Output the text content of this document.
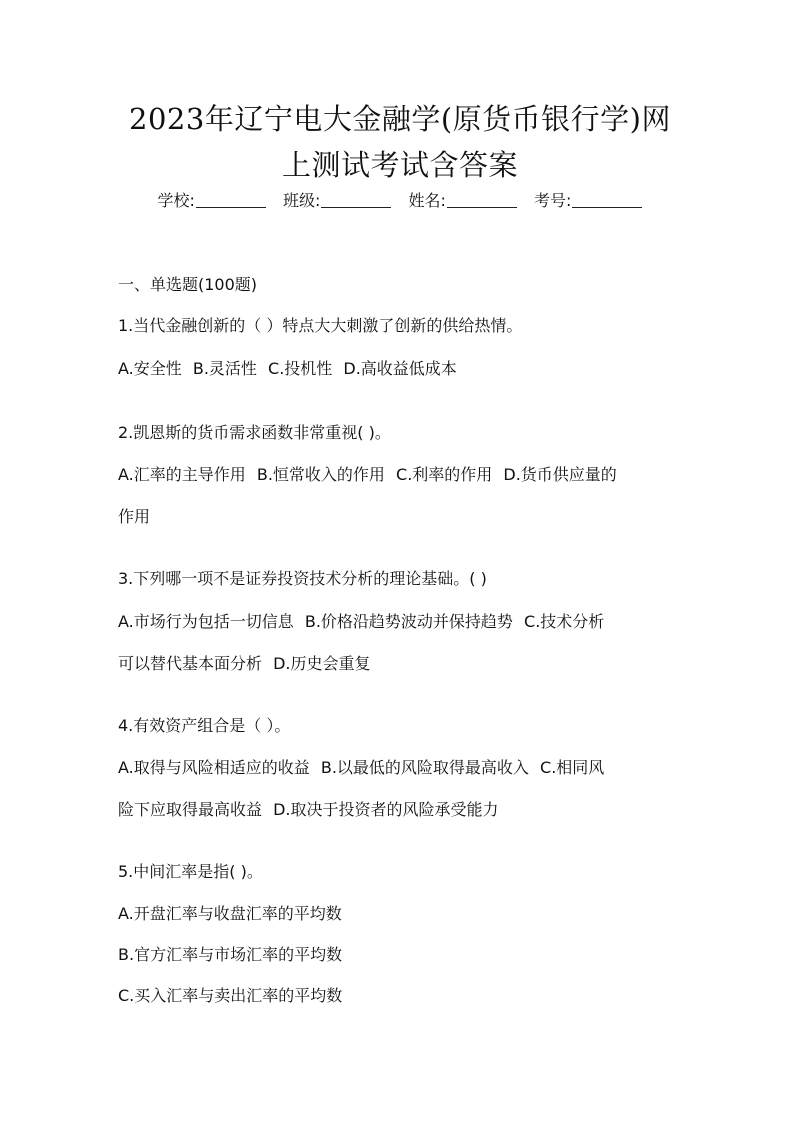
2023年辽宁电大金融学(原货币银行学)网
上测试考试含答案
学校:	班级:	姓名:	考号:
一、单选题(100题)
1.当代金融创新的（ ）特点大大刺激了创新的供给热情。
A.安全性 B.灵活性 C.投机性 D.高收益低成本
2.凯恩斯的货币需求函数非常重视( )。
A.汇率的主导作用 B.恒常收入的作用 C.利率的作用 D.货币供应量的
作用
3.下列哪一项不是证券投资技术分析的理论基础。( )
A.市场行为包括一切信息 B.价格沿趋势波动并保持趋势 C.技术分析
可以替代基本面分析 D.历史会重复
4.有效资产组合是（ ）。
A.取得与风险相适应的收益 B.以最低的风险取得最高收入 C.相同风
险下应取得最高收益 D.取决于投资者的风险承受能力
5.中间汇率是指( )。
A.开盘汇率与收盘汇率的平均数
B.官方汇率与市场汇率的平均数
C.买入汇率与卖出汇率的平均数
